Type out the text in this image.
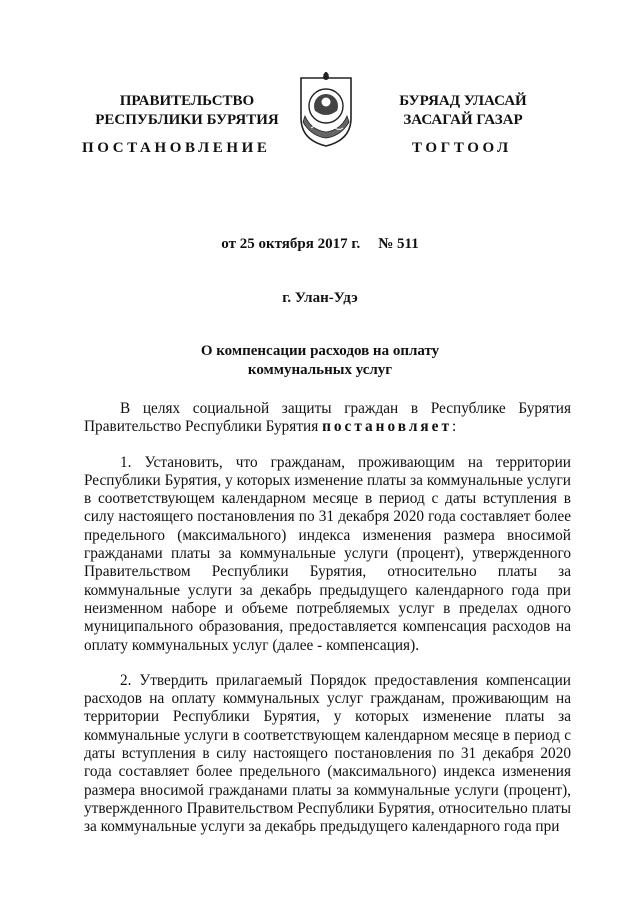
ПРАВИТЕЛЬСТВО
РЕСПУБЛИКИ БУРЯТИЯ
БУРЯАД УЛАСАЙ
ЗАСАГАЙ ГАЗАР
ПОСТАНОВЛЕНИЕ	ТОГТООЛ
от 25 октября 2017 г. № 511
г. Улан-Удэ
О компенсации расходов на оплату
коммунальных услуг

В целях социальной защиты граждан в Республике Бурятия Правительство Республики Бурятия постановляет:

1. Установить, что гражданам, проживающим на территории Республики Бурятия, у которых изменение платы за коммунальные услуги в соответствующем календарном месяце в период с даты вступления в силу настоящего постановления по 31 декабря 2020 года составляет более предельного (максимального) индекса изменения размера вносимой гражданами платы за коммунальные услуги (процент), утвержденного Правительством Республики Бурятия, относительно платы за коммунальные услуги за декабрь предыдущего календарного года при неизменном наборе и объеме потребляемых услуг в пределах одного муниципального образования, предоставляется компенсация расходов на оплату коммунальных услуг (далее - компенсация).

2. Утвердить прилагаемый Порядок предоставления компенсации расходов на оплату коммунальных услуг гражданам, проживающим на территории Республики Бурятия, у которых изменение платы за коммунальные услуги в соответствующем календарном месяце в период с даты вступления в силу настоящего постановления по 31 декабря 2020 года составляет более предельного (максимального) индекса изменения размера вносимой гражданами платы за коммунальные услуги (процент), утвержденного Правительством Республики Бурятия, относительно платы за коммунальные услуги за декабрь предыдущего календарного года при
